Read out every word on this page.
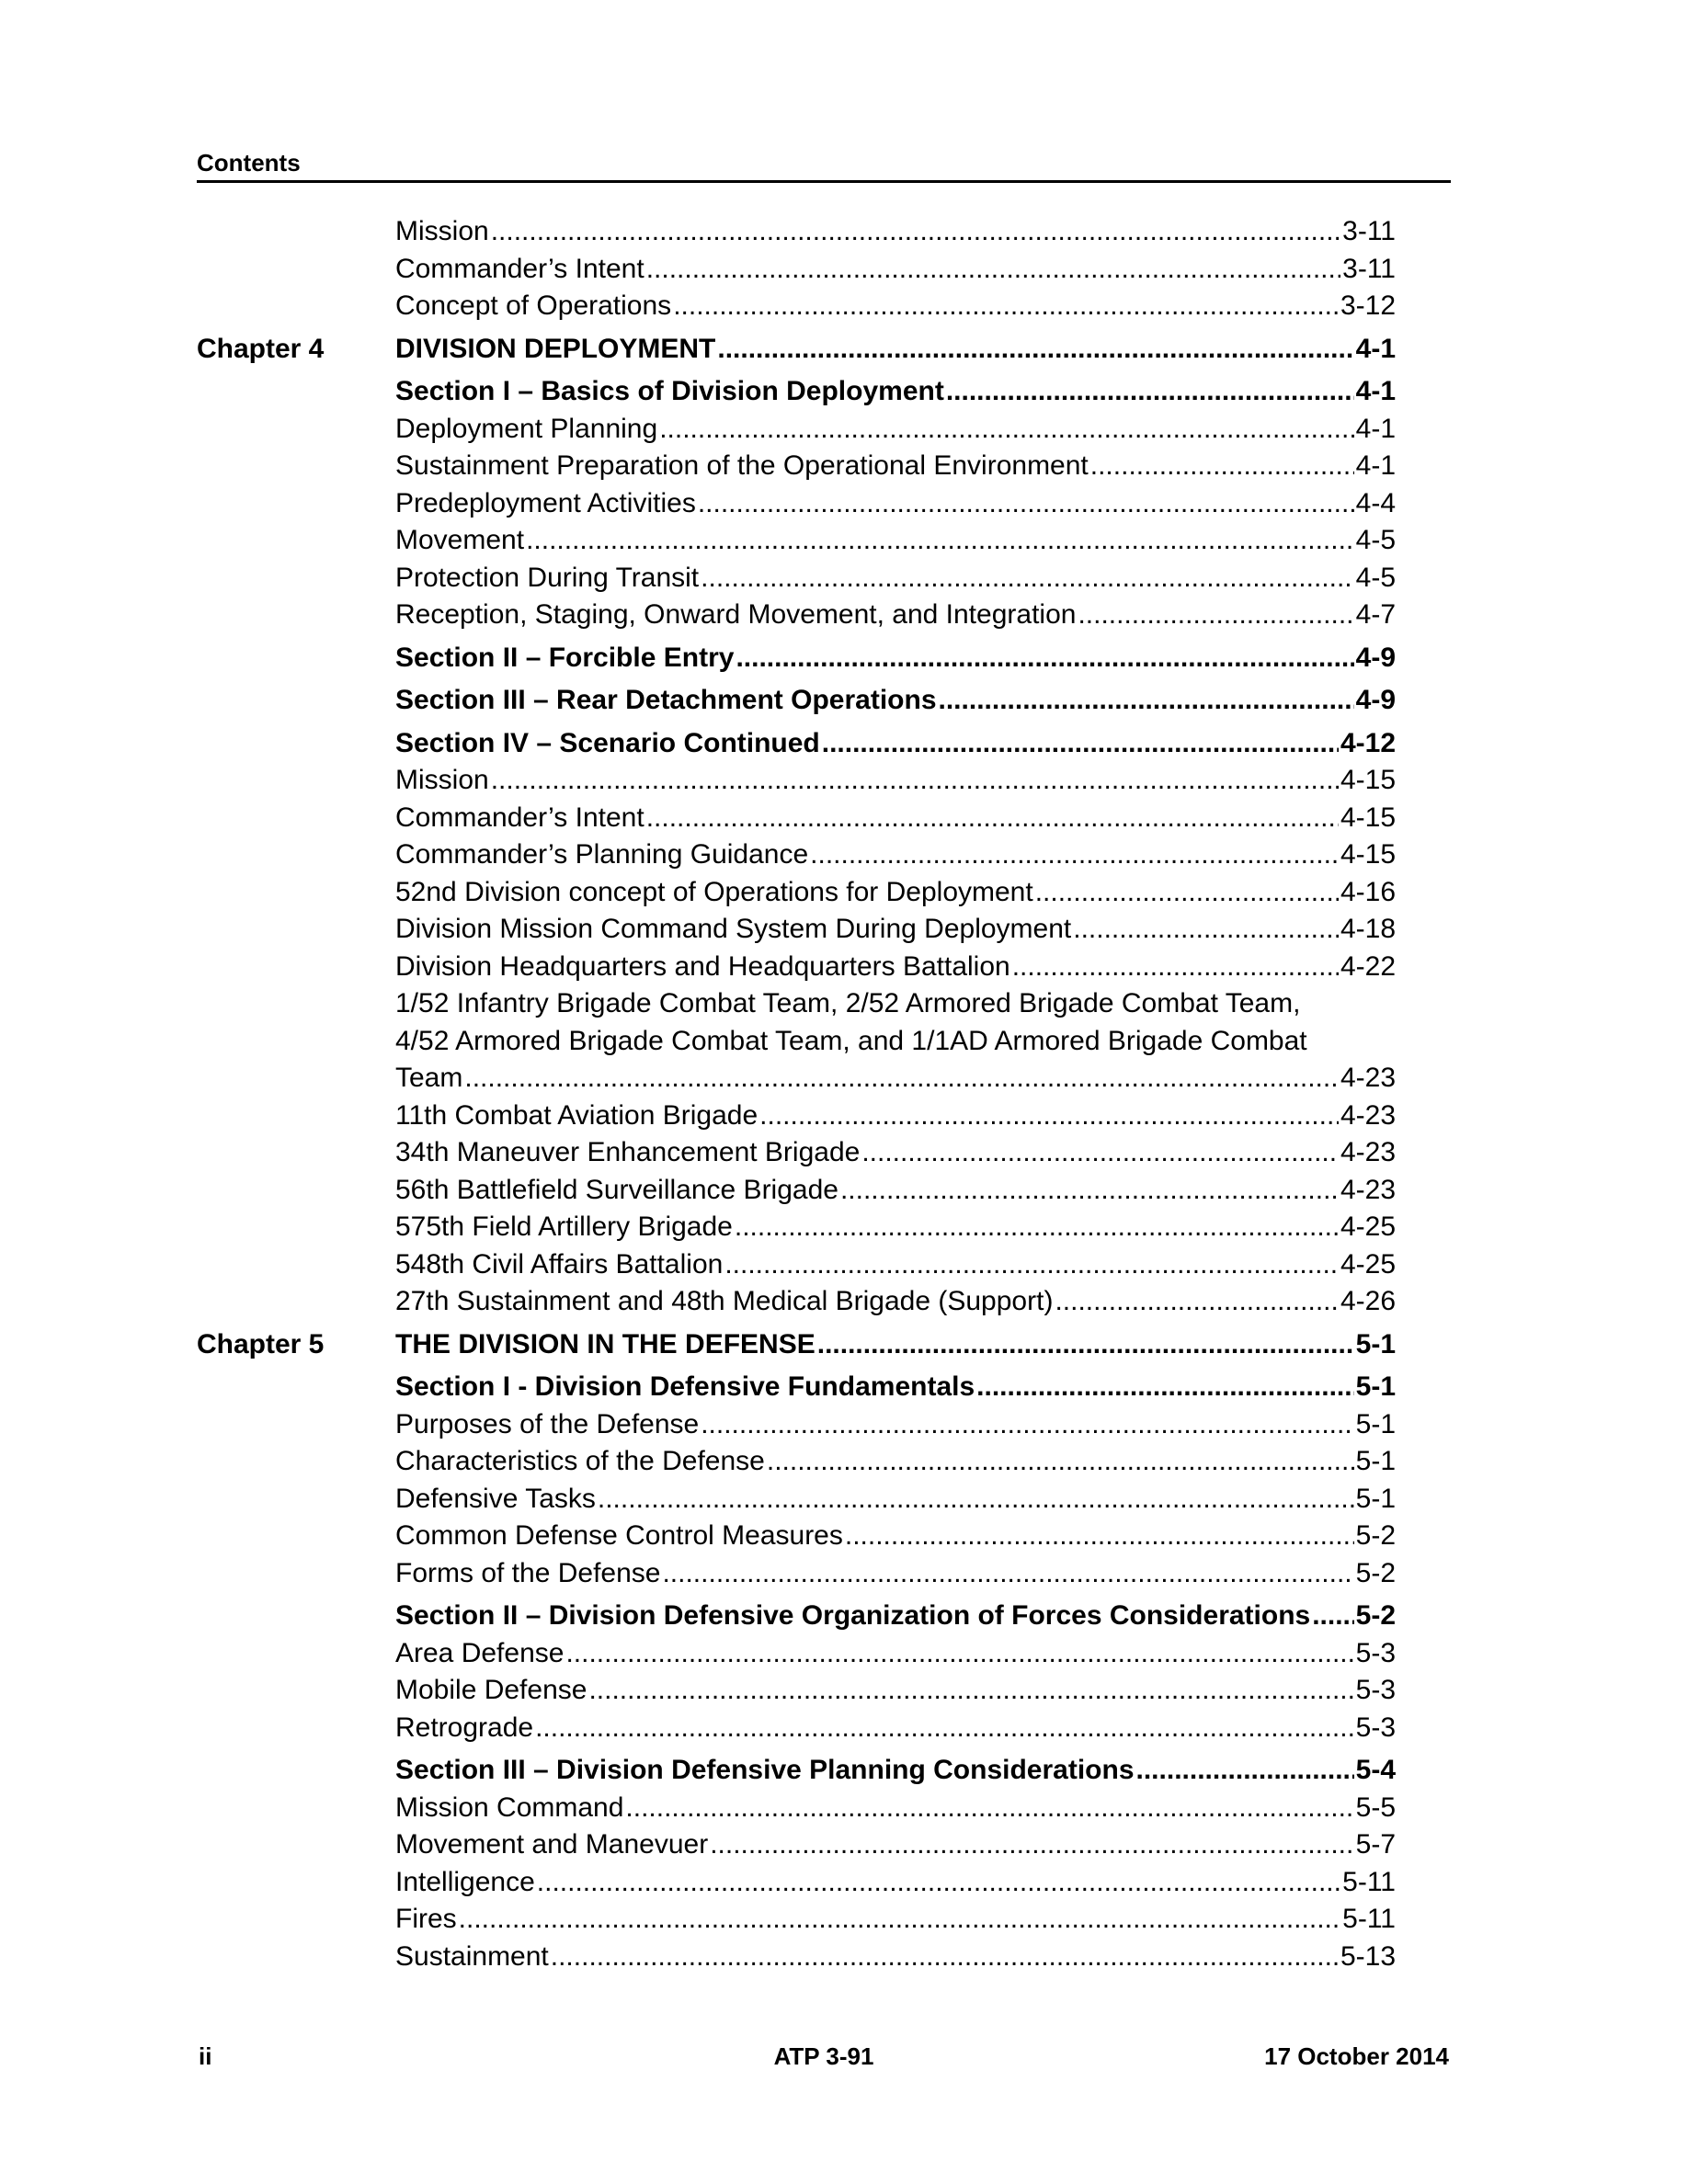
Contents
Mission .....	3-11
Commander’s Intent .....	3-11
Concept of Operations .....	3-12
Chapter 4	DIVISION DEPLOYMENT .....	4-1
Section I – Basics of Division Deployment .....	4-1
Deployment Planning .....	4-1
Sustainment Preparation of the Operational Environment .....	4-1
Predeployment Activities .....	4-4
Movement .....	4-5
Protection During Transit .....	4-5
Reception, Staging, Onward Movement, and Integration .....	4-7
Section II – Forcible Entry .....	4-9
Section III – Rear Detachment Operations .....	4-9
Section IV – Scenario Continued .....	4-12
Mission .....	4-15
Commander’s Intent .....	4-15
Commander’s Planning Guidance .....	4-15
52nd Division concept of Operations for Deployment .....	4-16
Division Mission Command System During Deployment .....	4-18
Division Headquarters and Headquarters Battalion .....	4-22
1/52 Infantry Brigade Combat Team, 2/52 Armored Brigade Combat Team,
4/52 Armored Brigade Combat Team, and 1/1AD Armored Brigade Combat
Team .....	4-23
11th Combat Aviation Brigade .....	4-23
34th Maneuver Enhancement Brigade .....	4-23
56th Battlefield Surveillance Brigade .....	4-23
575th Field Artillery Brigade .....	4-25
548th Civil Affairs Battalion .....	4-25
27th Sustainment and 48th Medical Brigade (Support) .....	4-26
Chapter 5	THE DIVISION IN THE DEFENSE .....	5-1
Section I - Division Defensive Fundamentals .....	5-1
Purposes of the Defense .....	5-1
Characteristics of the Defense .....	5-1
Defensive Tasks .....	5-1
Common Defense Control Measures .....	5-2
Forms of the Defense .....	5-2
Section II – Division Defensive Organization of Forces Considerations ..... 5-2
Area Defense .....	5-3
Mobile Defense .....	5-3
Retrograde .....	5-3
Section III – Division Defensive Planning Considerations .....	5-4
Mission Command .....	5-5
Movement and Manevuer .....	5-7
Intelligence .....	5-11
Fires .....	5-11
Sustainment .....	5-13
ii	ATP 3-91	17 October 2014
